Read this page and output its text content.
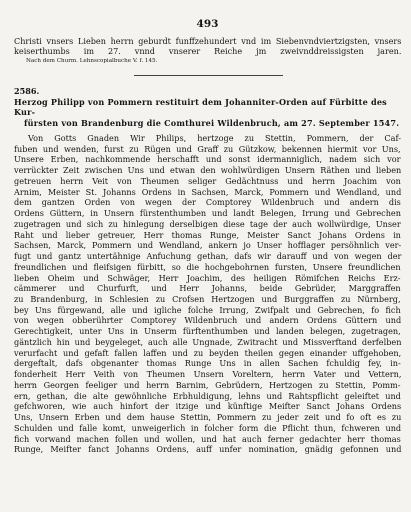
493
Christi vnsers Lieben herrn geburdt funffzehundert vnd im Siebenvndviertzigsten, vnsers
keiserthumbs im 27. vnnd vnserer Reiche jm zweivnddreissigsten jaren.
Nach dem Churm. Lehnscopialbuche V. f. 145.
2586.
Herzog Philipp von Pommern restituirt dem Johanniter-Orden auf Fürbitte des Kur-
fürsten von Brandenburg die Comthurei Wildenbruch, am 27. September 1547.
Von Gotts Gnaden Wir Philips, hertzoge zu Stettin, Pommern, der Caf-
fuben und wenden, furst zu Rügen und Graff zu Gützkow, bekennen hiermit vor Uns,
Unsere Erben, nachkommende herschafft und sonst idermanniglich, nadem sich vor
verrückter Zeit zwischen Uns und etwan den wohlwürdigen Unsern Räthen und lieben
getreuen herrn Veit von Theumen seliger Gedächtnuss und herrn Joachim von
Arnim, Meister St. Johanns Ordens in Sachsen, Marck, Pommern und Wendland, und
dem gantzen Orden von wegen der Comptorey Wildenbruch und andern dis
Ordens Güttern, in Unsern fürstenthumben und landt Belegen, Irrung und Gebrechen
zugetragen und sich zu hinlegung derselbigen diese tage der auch wollwürdige, Unser
Raht und lieber getreuer, Herr thomas Runge, Meister Sanct Johans Ordens in
Sachsen, Marck, Pommern und Wendland, ankern jo Unser hofflager persöhnlich ver-
fugt und gantz untertähnige Anfuchung gethan, dafs wir darauff und von wegen der
freundlichen und fleifsigen fürbitt, so die hochgebohrnen fursten, Unsere freundlichen
lieben Oheim und Schwäger, Herr Joachim, des heiligen Römifchen Reichs Erz-
cämmerer und Churfurft, und Herr Johanns, beide Gebrüder, Marggraffen
zu Brandenburg, in Schlesien zu Crofsen Hertzogen und Burggraffen zu Nürnberg,
bey Uns fürgewand, alle und igliche folche Irrung, Zwifpalt und Gebrechen, fo fich
von wegen obberührter Comptorey Wildenbruch und andern Ordens Güttern und
Gerechtigkeit, unter Uns in Unserm fürftenthumben und landen belegen, zugetragen,
gäntzlich hin und beygeleget, auch alle Ungnade, Zwitracht und Missverftand derfelben
verurfacht und gefaft fallen laffen und zu beyden theilen gegen einander uffgehoben,
dergeftalt, dafs obgenanter thomas Runge Uns in allen Sachen fchuldig fey, in-
fonderheit Herr Veith von Theumen Unsern Voreltern, herrn Vater und Vettern,
herrn Georgen feeliger und herrn Barnim, Gebrüdern, Hertzogen zu Stettin, Pomm-
ern, gethan, die alte gewöhnliche Erbhuldigung, lehns und Rahtspflicht geleiftet und
gefchworen, wie auch hinfort der itzige und künftige Meifter Sanct Johans Ordens
Uns, Unsern Erben und dem hause Stettin, Pommern zu jeder zeit und fo oft es zu
Schulden und falle komt, unweigerlich in folcher form die Pflicht thun, fchweren und
fich vorwand machen follen und wollen, und hat auch ferner gedachter herr thomas
Runge, Meifter fanct Johanns Ordens, auff unfer nomination, gnädig gefonnen und
